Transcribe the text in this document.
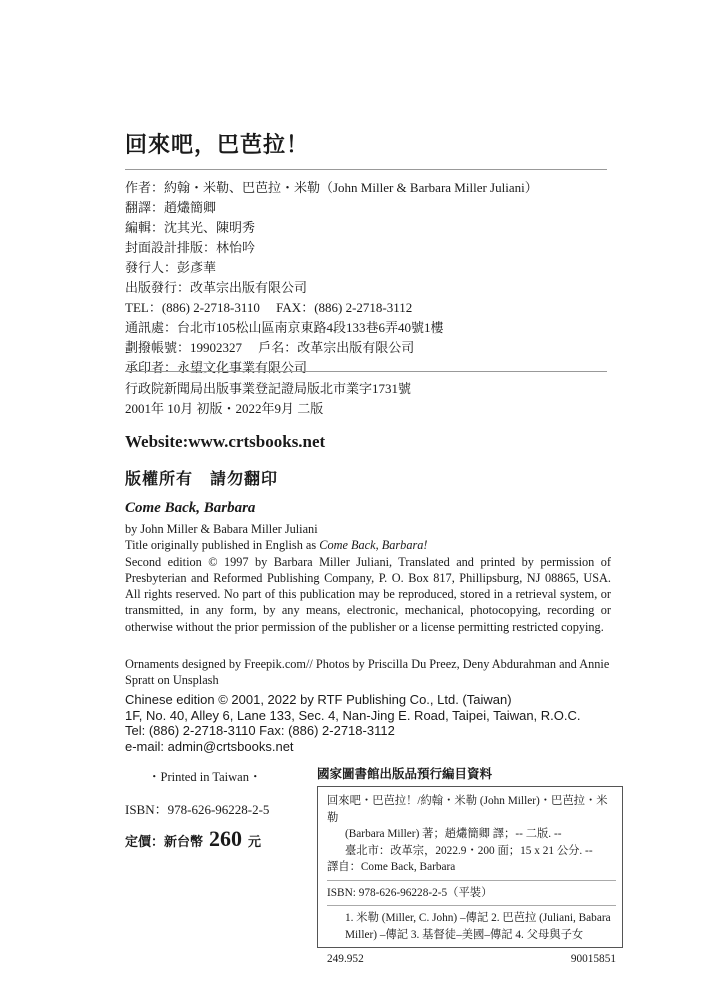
回來吧，巴芭拉！
作者：約翰・米勒、巴芭拉・米勒（John Miller & Barbara Miller Juliani）
翻譯：趙爜簡卿
編輯：沈其光、陳明秀
封面設計排版：林怡吟
發行人：彭彥華
出版發行：改革宗出版有限公司
TEL：(886) 2-2718-3110　 FAX：(886) 2-2718-3112
通訊處：台北市105松山區南京東路4段133巷6弄40號1樓
劃撥帳號：19902327　 戶名：改革宗出版有限公司
承印者：永望文化事業有限公司
行政院新聞局出版事業登記證局版北市業字1731號
2001年 10月 初版・2022年9月 二版
Website:www.crtsbooks.net
版權所有　請勿翻印
Come Back, Barbara

by John Miller & Babara Miller Juliani

Title originally published in English as Come Back, Barbara!

Second edition © 1997 by Barbara Miller Juliani, Translated and printed by permission of Presbyterian and Reformed Publishing Company, P. O. Box 817, Phillipsburg, NJ 08865, USA. All rights reserved. No part of this publication may be reproduced, stored in a retrieval system, or transmitted, in any form, by any means, electronic, mechanical, photocopying, recording or otherwise without the prior permission of the publisher or a license permitting restricted copying.

Ornaments designed by Freepik.com// Photos by Priscilla Du Preez, Deny Abdurahman and Annie Spratt on Unsplash
Chinese edition © 2001, 2022 by RTF Publishing Co., Ltd. (Taiwan)
1F, No. 40, Alley 6, Lane 133, Sec. 4, Nan-Jing E. Road, Taipei, Taiwan, R.O.C.
Tel: (886) 2-2718-3110 Fax: (886) 2-2718-3112
e-mail: admin@crtsbooks.net
・Printed in Taiwan・
ISBN：978-626-96228-2-5
定價：新台幣 260 元
國家圖書館出版品預行編目資料
回來吧・巴芭拉！/約翰・米勒 (John Miller)・巴芭拉・米勒
(Barbara Miller) 著；趙爜簡卿 譯；-- 二版. --
臺北市：改革宗，2022.9・200 面；15 x 21 公分. --
譯自：Come Back, Barbara
ISBN: 978-626-96228-2-5（平裝）
1. 米勒 (Miller, C. John) –傳記 2. 巴芭拉 (Juliani, Babara
Miller) –傳記 3. 基督徒–美國–傳記 4. 父母與子女
249.952	90015851
